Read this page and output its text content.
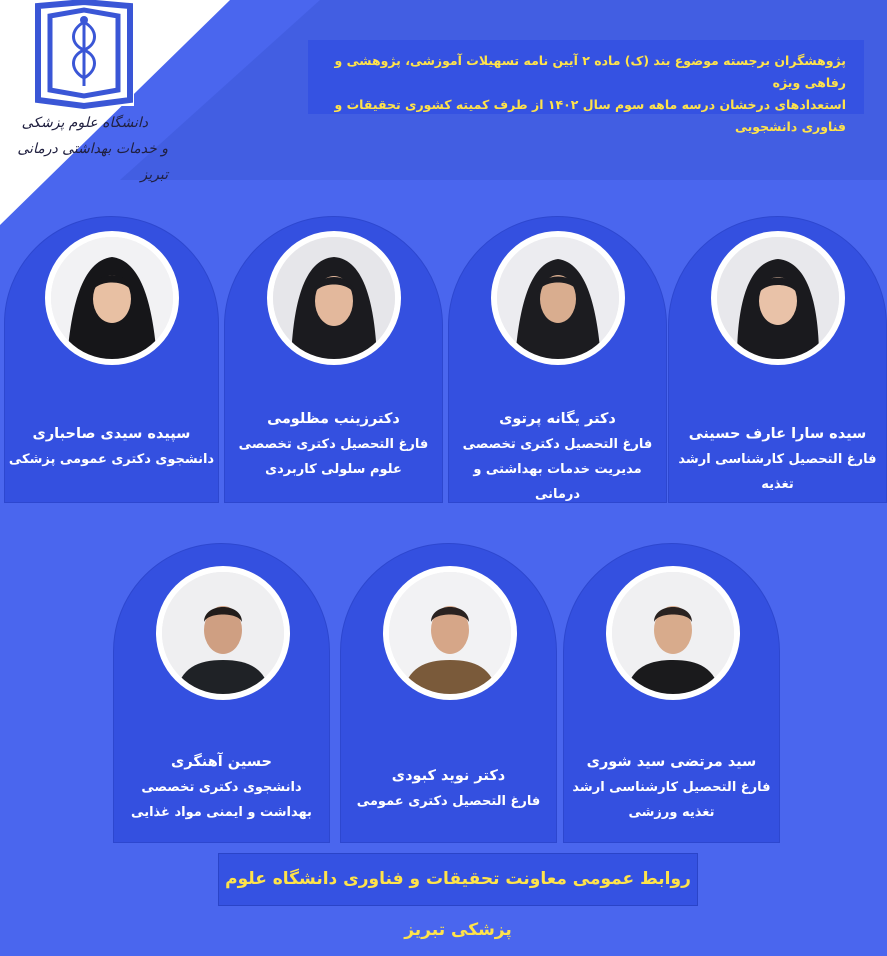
دانشگاه علوم پزشکی
و خدمات بهداشتی درمانی تبریز
پژوهشگران برجسته موضوع بند (ک) ماده ۲ آیین نامه تسهیلات آموزشی، پژوهشی و رفاهی ویژه
استعدادهای درخشان درسه ماهه سوم سال ۱۴۰۲ از طرف کمیته کشوری تحقیقات و فناوری دانشجویی
سیده سارا عارف حسینی
فارغ التحصیل کارشناسی ارشد تغذیه
دکتر یگانه پرتوی
فارغ التحصیل دکتری تخصصی
مدیریت خدمات بهداشتی و درمانی
دکترزینب مظلومی
فارغ التحصیل دکتری تخصصی
علوم سلولی کاربردی
سپیده سیدی صاحباری
دانشجوی دکتری عمومی پزشکی
سید مرتضی سید شوری
فارغ التحصیل کارشناسی ارشد
تغذیه ورزشی
دکتر نوید کبودی
فارغ التحصیل دکتری عمومی
حسین آهنگری
دانشجوی دکتری تخصصی
بهداشت و ایمنی مواد غذایی
روابط عمومی معاونت تحقیقات و فناوری دانشگاه علوم پزشکی تبریز
